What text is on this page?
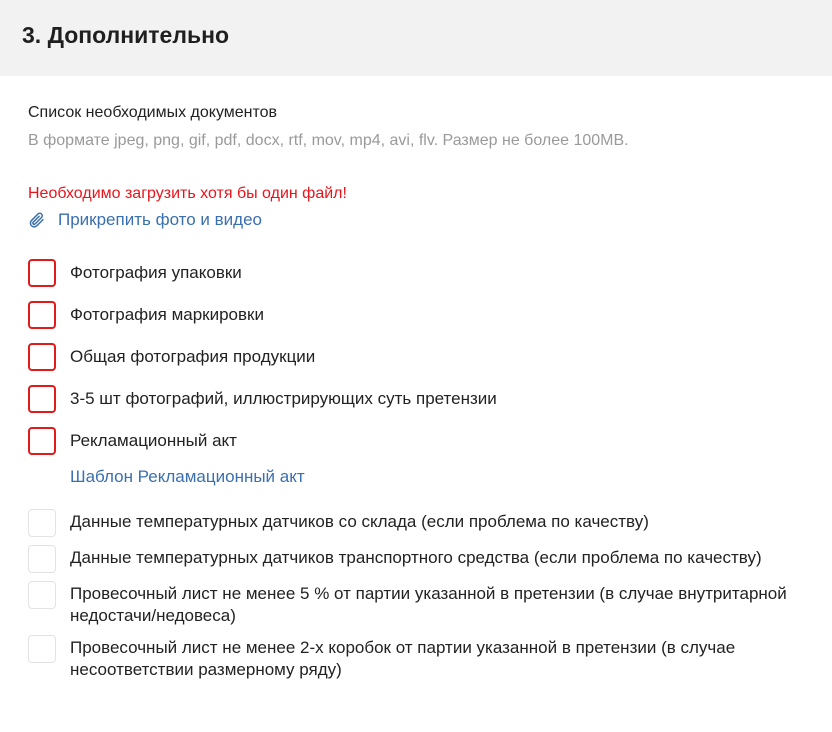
3. Дополнительно
Список необходимых документов
В формате jpeg, png, gif, pdf, docx, rtf, mov, mp4, avi, flv. Размер не более 100MB.
Необходимо загрузить хотя бы один файл!
Прикрепить фото и видео
Фотография упаковки
Фотография маркировки
Общая фотография продукции
3-5 шт фотографий, иллюстрирующих суть претензии
Рекламационный акт
Шаблон Рекламационный акт
Данные температурных датчиков со склада (если проблема по качеству)
Данные температурных датчиков транспортного средства (если проблема по качеству)
Провесочный лист не менее 5 % от партии указанной в претензии (в случае внутритарной недостачи/недовеса)
Провесочный лист не менее 2-х коробок от партии указанной в претензии (в случае несоответствии размерному ряду)
